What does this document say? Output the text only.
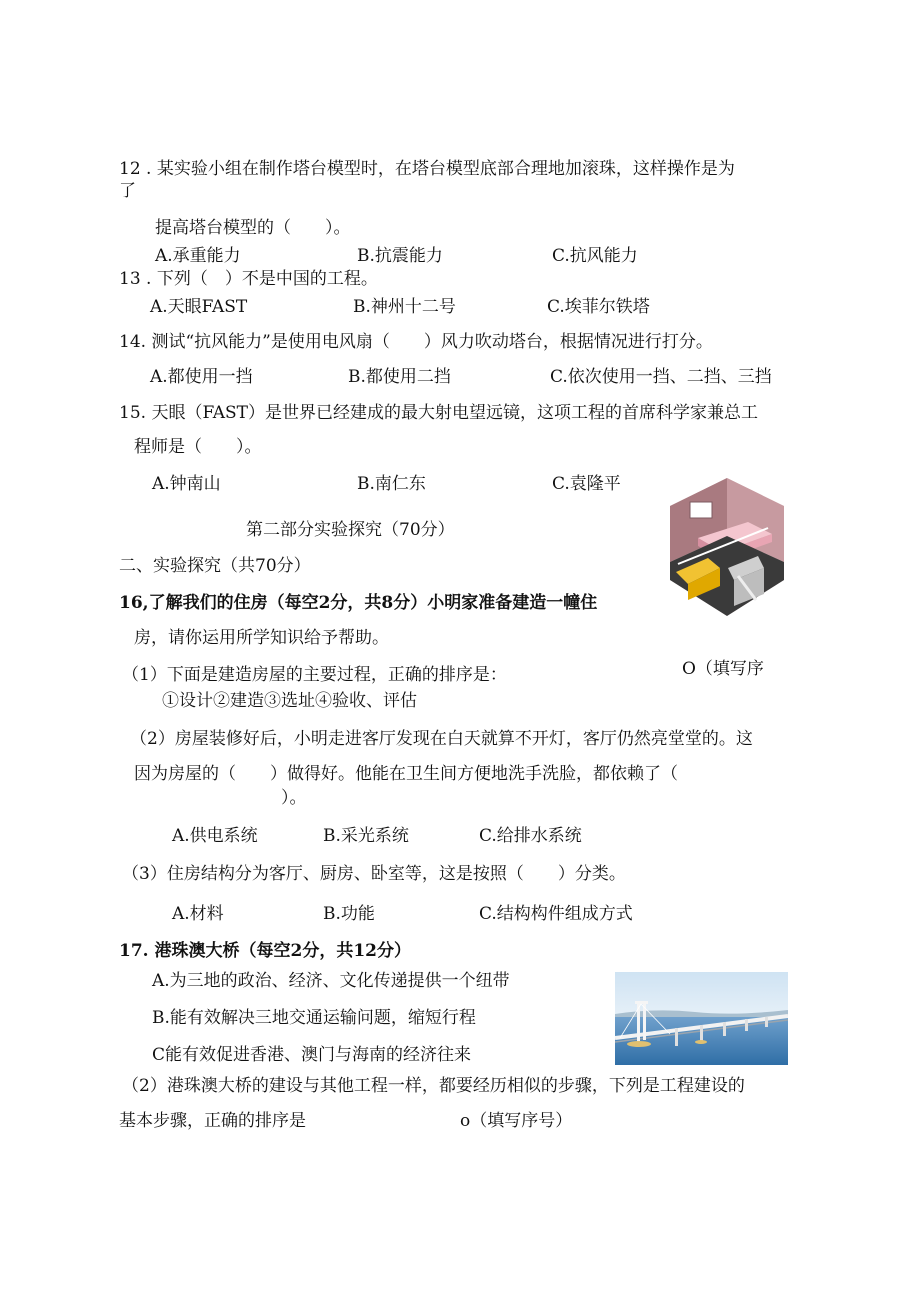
12 . 某实验小组在制作塔台模型时，在塔台模型底部合理地加滚珠，这样操作是为
了
提高塔台模型的（　　）。
A.承重能力	B.抗震能力	C.抗风能力
13 . 下列（　）不是中国的工程。
A.天眼FAST	B.神州十二号	C.埃菲尔铁塔
14. 测试“抗风能力”是使用电风扇（　　）风力吹动塔台，根据情况进行打分。
A.都使用一挡	B.都使用二挡	C.依次使用一挡、二挡、三挡
15. 天眼（FAST）是世界已经建成的最大射电望远镜，这项工程的首席科学家兼总工
程师是（　　）。
A.钟南山	B.南仁东	C.袁隆平
第二部分实验探究（70分）
二、实验探究（共70分）
16,了解我们的住房（每空2分，共8分）小明家准备建造一幢住
房，请你运用所学知识给予帮助。
（1）下面是建造房屋的主要过程，正确的排序是：	O（填写序
①设计②建造③选址④验收、评估
（2）房屋装修好后，小明走进客厅发现在白天就算不开灯，客厅仍然亮堂堂的。这
因为房屋的（　　）做得好。他能在卫生间方便地洗手洗脸，都依赖了（
）。
A.供电系统	B.采光系统	C.给排水系统
（3）住房结构分为客厅、厨房、卧室等，这是按照（　　）分类。
A.材料	B.功能	C.结构构件组成方式
17. 港珠澳大桥（每空2分，共12分）
A.为三地的政治、经济、文化传递提供一个纽带
B.能有效解决三地交通运输问题，缩短行程
C能有效促进香港、澳门与海南的经济往来
（2）港珠澳大桥的建设与其他工程一样，都要经历相似的步骤，下列是工程建设的
基本步骤，正确的排序是	o（填写序号）
